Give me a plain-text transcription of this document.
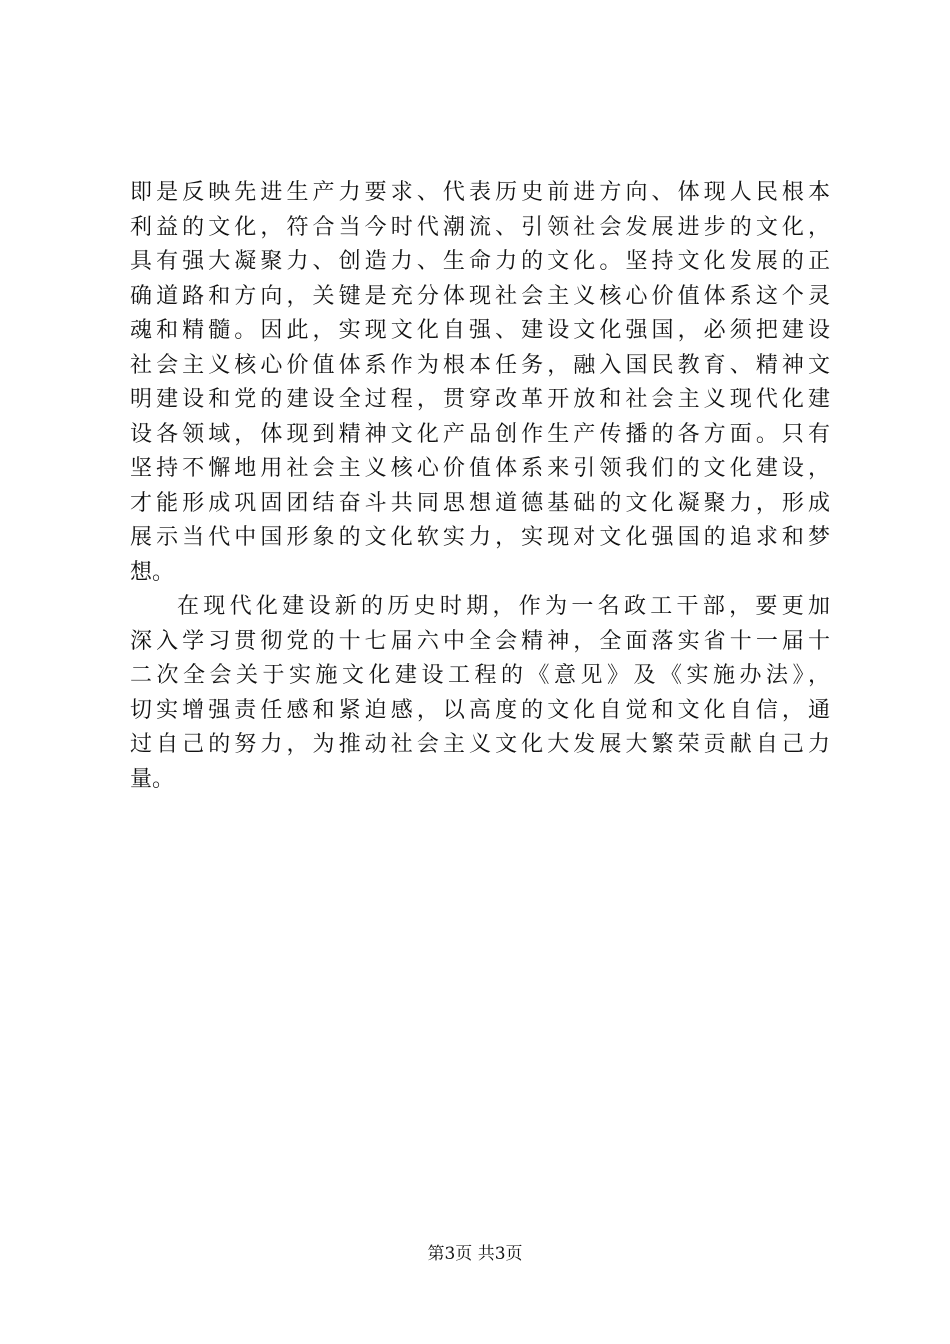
即是反映先进生产力要求、代表历史前进方向、体现人民根本
利益的文化，符合当今时代潮流、引领社会发展进步的文化，
具有强大凝聚力、创造力、生命力的文化。坚持文化发展的正
确道路和方向，关键是充分体现社会主义核心价值体系这个灵
魂和精髓。因此，实现文化自强、建设文化强国，必须把建设
社会主义核心价值体系作为根本任务，融入国民教育、精神文
明建设和党的建设全过程，贯穿改革开放和社会主义现代化建
设各领域，体现到精神文化产品创作生产传播的各方面。只有
坚持不懈地用社会主义核心价值体系来引领我们的文化建设，
才能形成巩固团结奋斗共同思想道德基础的文化凝聚力，形成
展示当代中国形象的文化软实力，实现对文化强国的追求和梦
想。
在现代化建设新的历史时期，作为一名政工干部，要更加
深入学习贯彻党的十七届六中全会精神，全面落实省十一届十
二次全会关于实施文化建设工程的《意见》及《实施办法》，
切实增强责任感和紧迫感，以高度的文化自觉和文化自信，通
过自己的努力，为推动社会主义文化大发展大繁荣贡献自己力
量。
第3页 共3页
